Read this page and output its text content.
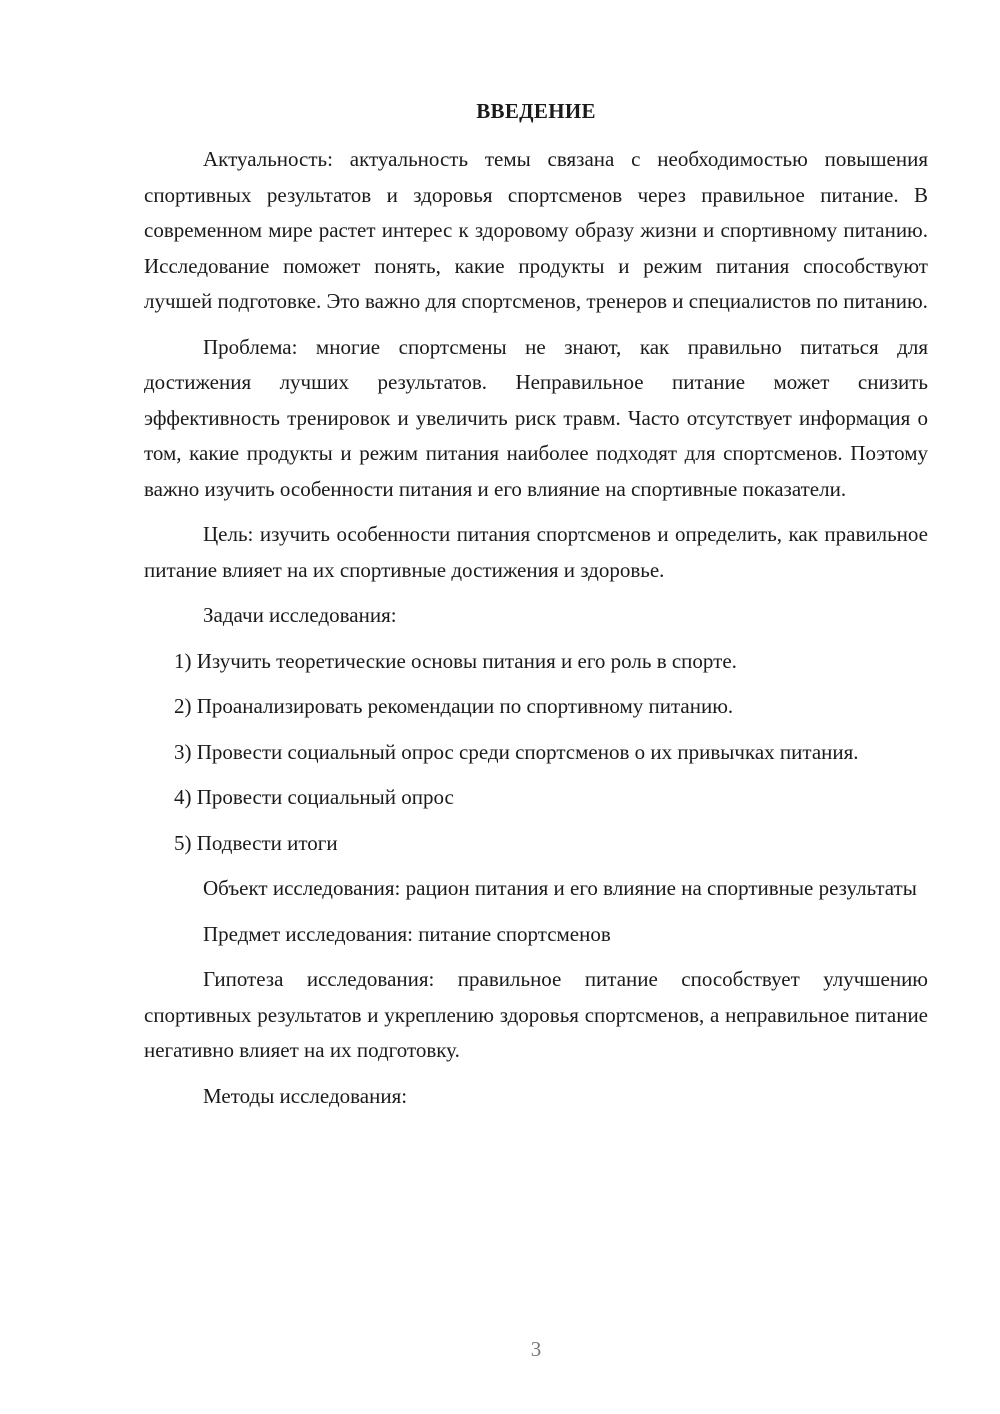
ВВЕДЕНИЕ

Актуальность: актуальность темы связана с необходимостью повышения спортивных результатов и здоровья спортсменов через правильное питание. В современном мире растет интерес к здоровому образу жизни и спортивному питанию. Исследование поможет понять, какие продукты и режим питания способствуют лучшей подготовке. Это важно для спортсменов, тренеров и специалистов по питанию.

Проблема: многие спортсмены не знают, как правильно питаться для достижения лучших результатов. Неправильное питание может снизить эффективность тренировок и увеличить риск травм. Часто отсутствует информация о том, какие продукты и режим питания наиболее подходят для спортсменов. Поэтому важно изучить особенности питания и его влияние на спортивные показатели.

Цель: изучить особенности питания спортсменов и определить, как правильное питание влияет на их спортивные достижения и здоровье.

Задачи исследования:

1) Изучить теоретические основы питания и его роль в спорте.

2) Проанализировать рекомендации по спортивному питанию.

3) Провести социальный опрос среди спортсменов о их привычках питания.

4) Провести социальный опрос

5) Подвести итоги

Объект исследования: рацион питания и его влияние на спортивные результаты

Предмет исследования: питание спортсменов

Гипотеза исследования: правильное питание способствует улучшению спортивных результатов и укреплению здоровья спортсменов, а неправильное питание негативно влияет на их подготовку.

Методы исследования:

3
